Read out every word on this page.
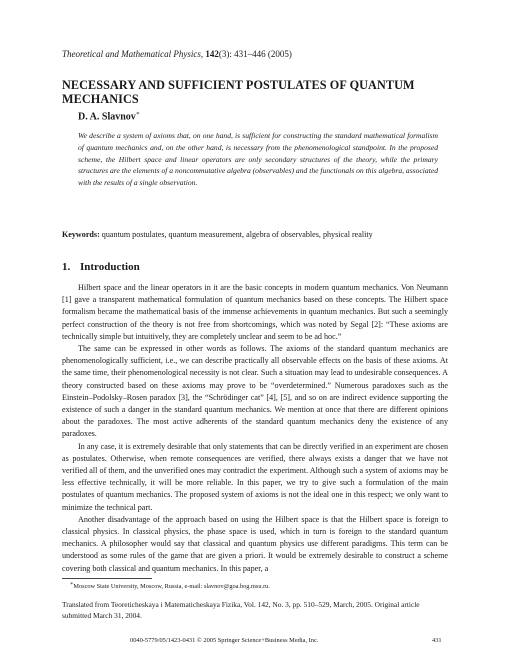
Theoretical and Mathematical Physics, 142(3): 431–446 (2005)
NECESSARY AND SUFFICIENT POSTULATES OF QUANTUM MECHANICS
D. A. Slavnov∗
We describe a system of axioms that, on one hand, is sufficient for constructing the standard mathematical formalism of quantum mechanics and, on the other hand, is necessary from the phenomenological standpoint. In the proposed scheme, the Hilbert space and linear operators are only secondary structures of the theory, while the primary structures are the elements of a noncommutative algebra (observables) and the functionals on this algebra, associated with the results of a single observation.
Keywords: quantum postulates, quantum measurement, algebra of observables, physical reality
1. Introduction

Hilbert space and the linear operators in it are the basic concepts in modern quantum mechanics. Von Neumann [1] gave a transparent mathematical formulation of quantum mechanics based on these concepts. The Hilbert space formalism became the mathematical basis of the immense achievements in quantum mechanics. But such a seemingly perfect construction of the theory is not free from shortcomings, which was noted by Segal [2]: “These axioms are technically simple but intuitively, they are completely unclear and seem to be ad hoc.”

The same can be expressed in other words as follows. The axioms of the standard quantum mechanics are phenomenologically sufficient, i.e., we can describe practically all observable effects on the basis of these axioms. At the same time, their phenomenological necessity is not clear. Such a situation may lead to undesirable consequences. A theory constructed based on these axioms may prove to be “overdetermined.” Numerous paradoxes such as the Einstein–Podolsky–Rosen paradox [3], the “Schrödinger cat” [4], [5], and so on are indirect evidence supporting the existence of such a danger in the standard quantum mechanics. We mention at once that there are different opinions about the paradoxes. The most active adherents of the standard quantum mechanics deny the existence of any paradoxes.

In any case, it is extremely desirable that only statements that can be directly verified in an experiment are chosen as postulates. Otherwise, when remote consequences are verified, there always exists a danger that we have not verified all of them, and the unverified ones may contradict the experiment. Although such a system of axioms may be less effective technically, it will be more reliable. In this paper, we try to give such a formulation of the main postulates of quantum mechanics. The proposed system of axioms is not the ideal one in this respect; we only want to minimize the technical part.

Another disadvantage of the approach based on using the Hilbert space is that the Hilbert space is foreign to classical physics. In classical physics, the phase space is used, which in turn is foreign to the standard quantum mechanics. A philosopher would say that classical and quantum physics use different paradigms. This term can be understood as some rules of the game that are given a priori. It would be extremely desirable to construct a scheme covering both classical and quantum mechanics. In this paper, a

∗Moscow State University, Moscow, Russia, e-mail: slavnov@goa.bog.msu.ru.
Translated from Teoreticheskaya i Matematicheskaya Fizika, Vol. 142, No. 3, pp. 510–529, March, 2005. Original article submitted March 31, 2004.
0040-5779/05/1423-0431 © 2005 Springer Science+Business Media, Inc.	431
